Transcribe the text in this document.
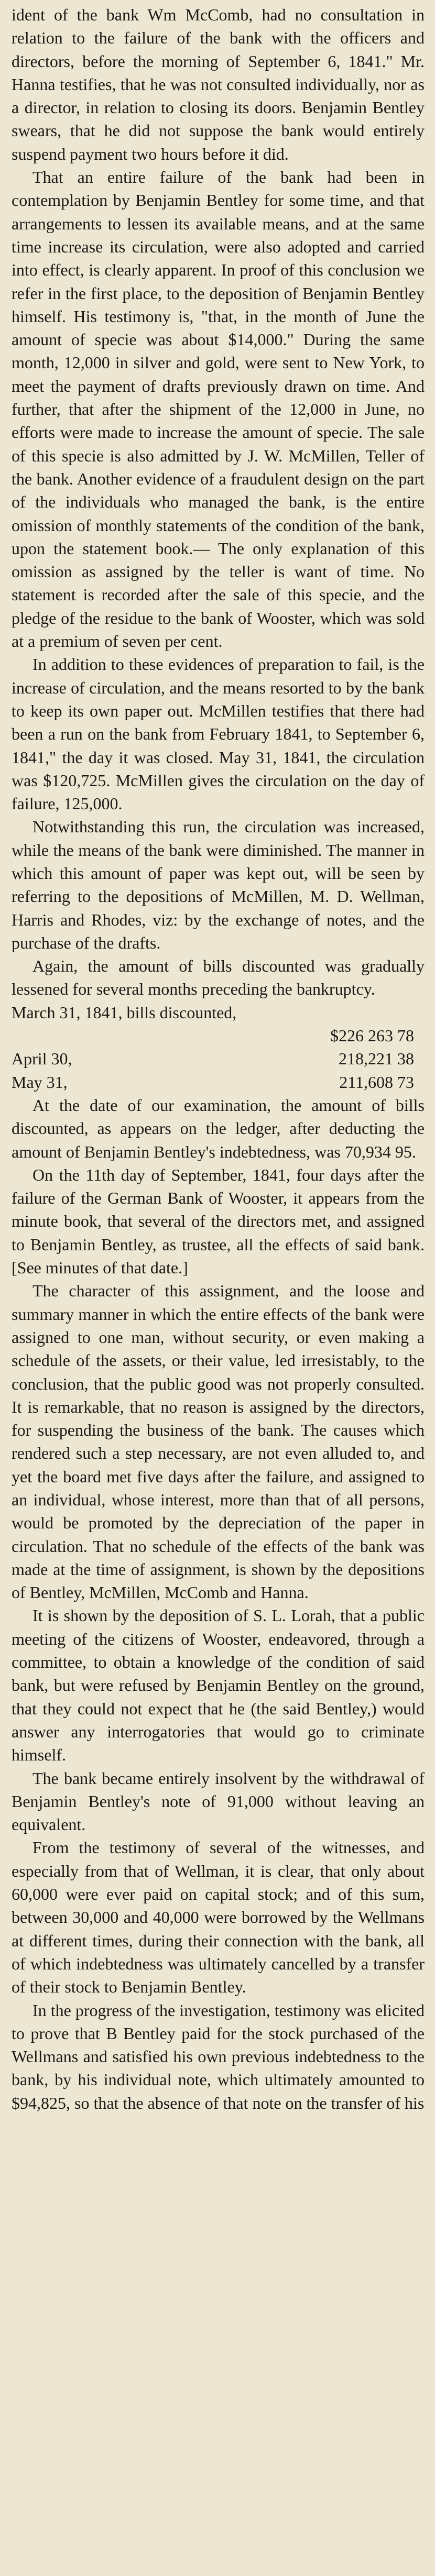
ident of the bank Wm McComb, had no consultation in relation to the failure of the bank with the officers and directors, before the morning of September 6, 1841." Mr. Hanna testifies, that he was not consulted individually, nor as a director, in relation to closing its doors. Benjamin Bentley swears, that he did not suppose the bank would entirely suspend payment two hours before it did.

That an entire failure of the bank had been in contemplation by Benjamin Bentley for some time, and that arrangements to lessen its available means, and at the same time increase its circulation, were also adopted and carried into effect, is clearly apparent. In proof of this conclusion we refer in the first place, to the deposition of Benjamin Bentley himself. His testimony is, "that, in the month of June the amount of specie was about $14,000." During the same month, 12,000 in silver and gold, were sent to New York, to meet the payment of drafts previously drawn on time. And further, that after the shipment of the 12,000 in June, no efforts were made to increase the amount of specie. The sale of this specie is also admitted by J. W. McMillen, Teller of the bank. Another evidence of a fraudulent design on the part of the individuals who managed the bank, is the entire omission of monthly statements of the condition of the bank, upon the statement book.— The only explanation of this omission as assigned by the teller is want of time. No statement is recorded after the sale of this specie, and the pledge of the residue to the bank of Wooster, which was sold at a premium of seven per cent.

In addition to these evidences of preparation to fail, is the increase of circulation, and the means resorted to by the bank to keep its own paper out. McMillen testifies that there had been a run on the bank from February 1841, to September 6, 1841," the day it was closed. May 31, 1841, the circulation was $120,725. McMillen gives the circulation on the day of failure, 125,000.

Notwithstanding this run, the circulation was increased, while the means of the bank were diminished. The manner in which this amount of paper was kept out, will be seen by referring to the depositions of McMillen, M. D. Wellman, Harris and Rhodes, viz: by the exchange of notes, and the purchase of the drafts.

Again, the amount of bills discounted was gradually lessened for several months preceding the bankruptcy.

March 31, 1841, bills discounted,

	$226 263 78
April 30,	218,221 38
May 31,	211,608 73

At the date of our examination, the amount of bills discounted, as appears on the ledger, after deducting the amount of Benjamin Bentley's indebtedness, was 70,934 95.

On the 11th day of September, 1841, four days after the failure of the German Bank of Wooster, it appears from the minute book, that several of the directors met, and assigned to Benjamin Bentley, as trustee, all the effects of said bank. [See minutes of that date.]

The character of this assignment, and the loose and summary manner in which the entire effects of the bank were assigned to one man, without security, or even making a schedule of the assets, or their value, led irresistably, to the conclusion, that the public good was not properly consulted. It is remarkable, that no reason is assigned by the directors, for suspending the business of the bank. The causes which rendered such a step necessary, are not even alluded to, and yet the board met five days after the failure, and assigned to an individual, whose interest, more than that of all persons, would be promoted by the depreciation of the paper in circulation. That no schedule of the effects of the bank was made at the time of assignment, is shown by the depositions of Bentley, McMillen, McComb and Hanna.

It is shown by the deposition of S. L. Lorah, that a public meeting of the citizens of Wooster, endeavored, through a committee, to obtain a knowledge of the condition of said bank, but were refused by Benjamin Bentley on the ground, that they could not expect that he (the said Bentley,) would answer any interrogatories that would go to criminate himself.

The bank became entirely insolvent by the withdrawal of Benjamin Bentley's note of 91,000 without leaving an equivalent.

From the testimony of several of the witnesses, and especially from that of Wellman, it is clear, that only about 60,000 were ever paid on capital stock; and of this sum, between 30,000 and 40,000 were borrowed by the Wellmans at different times, during their connection with the bank, all of which indebtedness was ultimately cancelled by a transfer of their stock to Benjamin Bentley.

In the progress of the investigation, testimony was elicited to prove that B Bentley paid for the stock purchased of the Wellmans and satisfied his own previous indebtedness to the bank, by his individual note, which ultimately amounted to $94,825, so that the absence of that note on the transfer of his
